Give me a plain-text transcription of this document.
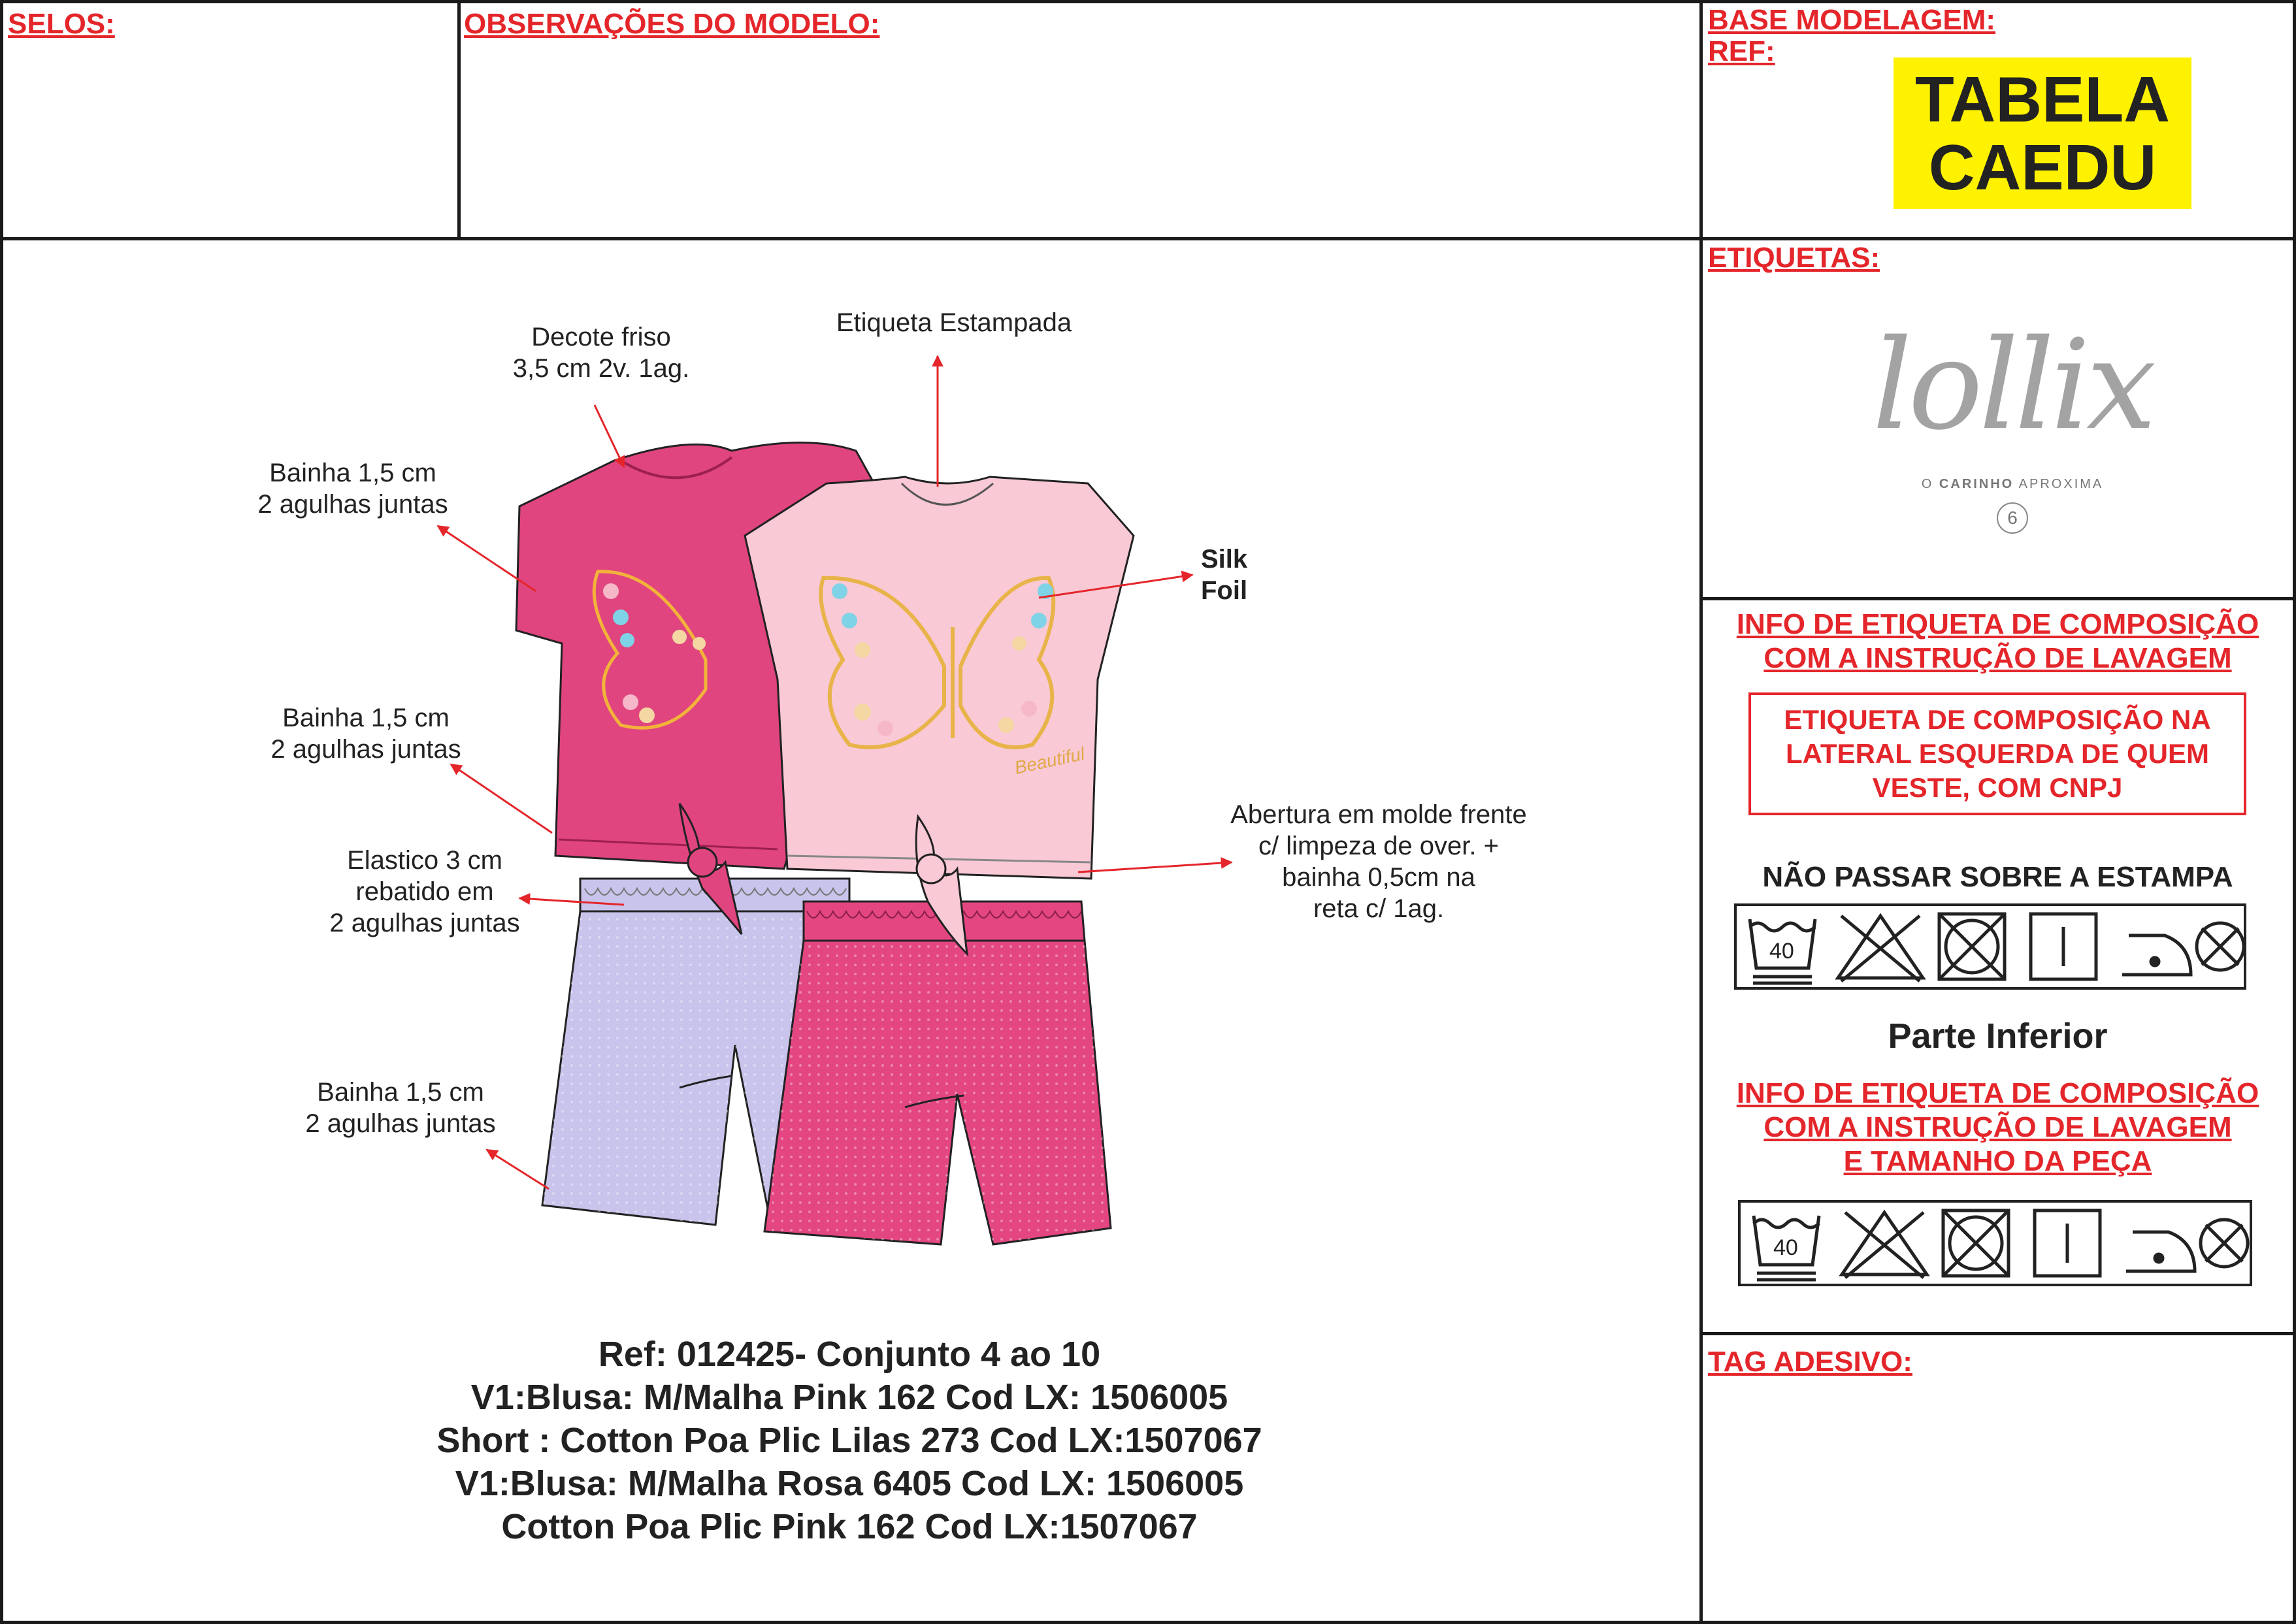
SELOS:	OBSERVAÇÕES DO MODELO:	BASE MODELAGEM:
REF:
TABELA
CAEDU
Beautiful
Decote friso
3,5 cm 2v. 1ag.
Etiqueta Estampada
Bainha 1,5 cm
2 agulhas juntas
Silk
Foil
Bainha 1,5 cm
2 agulhas juntas
Abertura em molde frente
c/ limpeza de over. +
bainha 0,5cm na
reta c/ 1ag.
Elastico 3 cm
rebatido em
2 agulhas juntas
Bainha 1,5 cm
2 agulhas juntas
Ref: 012425- Conjunto 4 ao 10
V1:Blusa: M/Malha Pink 162 Cod LX: 1506005
Short : Cotton Poa Plic Lilas 273 Cod LX:1507067
V1:Blusa: M/Malha Rosa 6405 Cod LX: 1506005
Cotton Poa Plic Pink 162 Cod LX:1507067
ETIQUETAS:
lollix
O CARINHO APROXIMA
6
INFO DE ETIQUETA DE COMPOSIÇÃO
COM A INSTRUÇÃO DE LAVAGEM
ETIQUETA DE COMPOSIÇÃO NA
LATERAL ESQUERDA DE QUEM
VESTE, COM CNPJ
NÃO PASSAR SOBRE A ESTAMPA
40
Parte Inferior
INFO DE ETIQUETA DE COMPOSIÇÃO
COM A INSTRUÇÃO DE LAVAGEM
E TAMANHO DA PEÇA
40
TAG ADESIVO:
